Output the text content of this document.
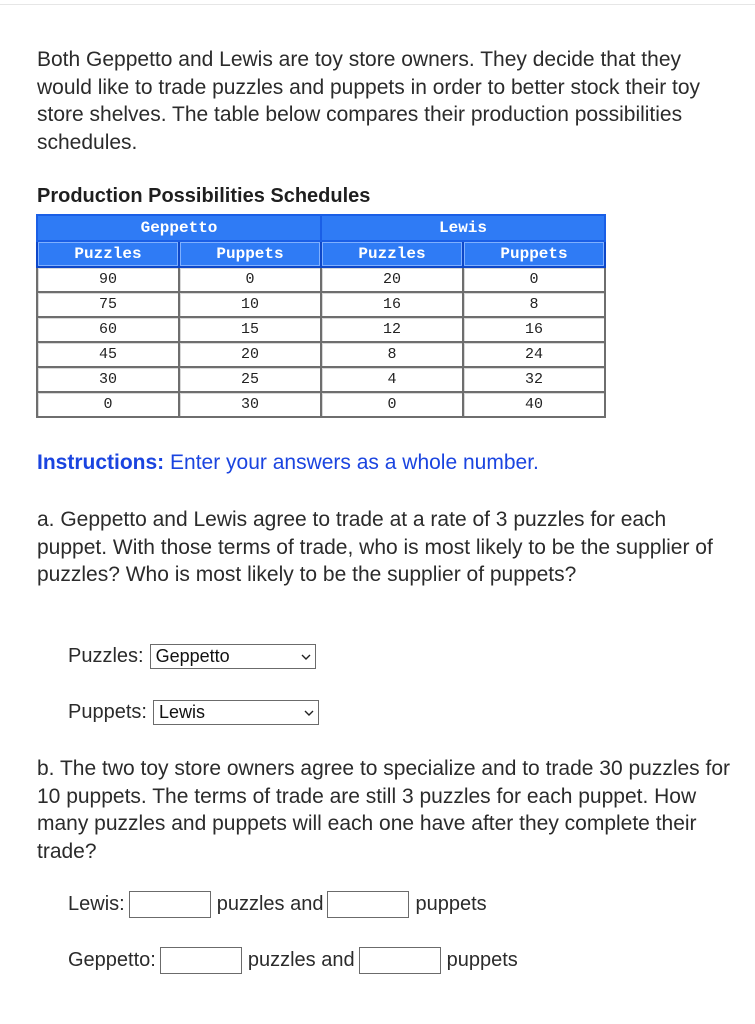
Both Geppetto and Lewis are toy store owners. They decide that they would like to trade puzzles and puppets in order to better stock their toy store shelves. The table below compares their production possibilities schedules.

Production Possibilities Schedules

Geppetto		Lewis	
Puzzles	Puppets	Puzzles	Puppets
90	0	20	0
75	10	16	8
60	15	12	16
45	20	8	24
30	25	4	32
0	30	0	40

Instructions: Enter your answers as a whole number.

a. Geppetto and Lewis agree to trade at a rate of 3 puzzles for each puppet. With those terms of trade, who is most likely to be the supplier of puzzles? Who is most likely to be the supplier of puppets?

Puzzles: Geppetto
Puppets: Lewis

b. The two toy store owners agree to specialize and to trade 30 puzzles for 10 puppets. The terms of trade are still 3 puzzles for each puppet. How many puzzles and puppets will each one have after they complete their trade?

Lewis:	puzzles and	puppets
Geppetto:	puzzles and	puppets
